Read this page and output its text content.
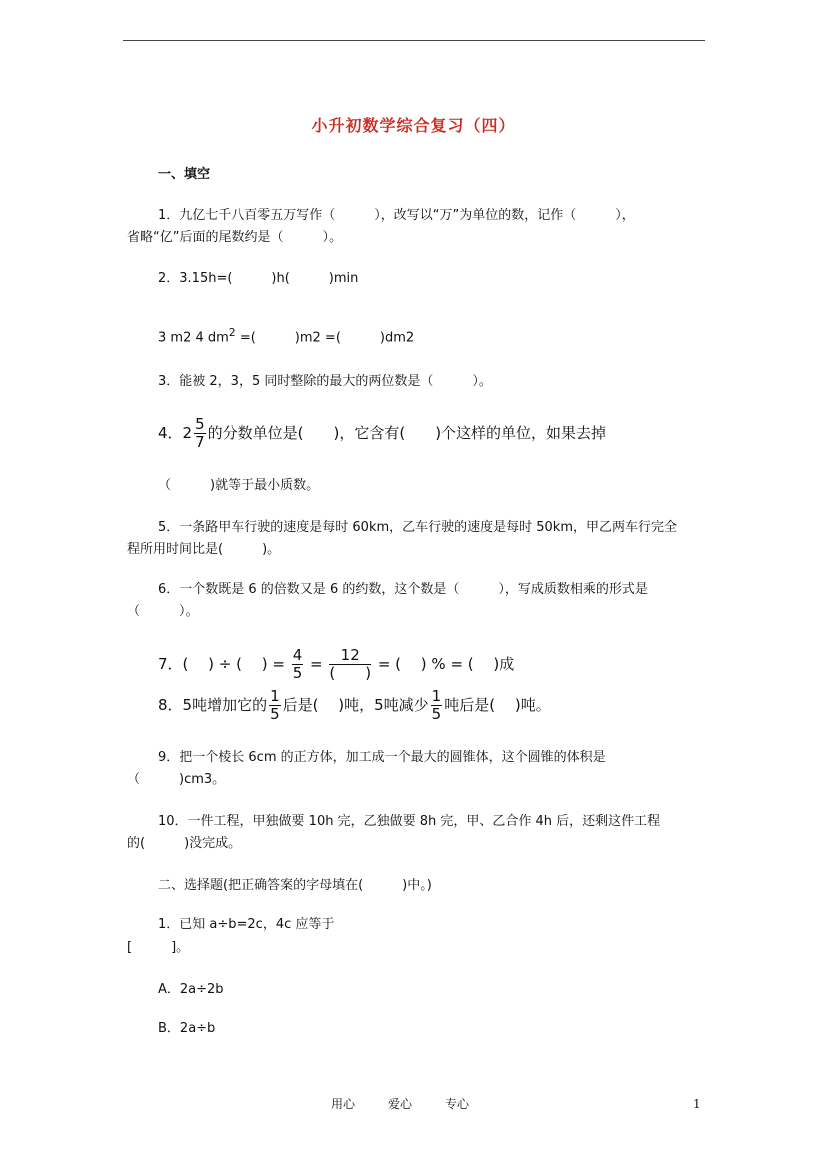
小升初数学综合复习（四）
一、填空
1．九亿七千八百零五万写作（　　　），改写以“万”为单位的数，记作（　　　），
省略“亿”后面的尾数约是（　　　）。
2．3.15h=(　　　)h(　　　)min
3 m2 4 $dm^2$ =(　　　)m2 =(　　　)dm2
3．能被 2，3，5 同时整除的最大的两位数是（　　　）。
4．$2 \frac{5}{7}$ 的分数单位是(　　)，它含有(　　)个这样的单位，如果去掉
（　　　)就等于最小质数。
5．一条路甲车行驶的速度是每时 60km，乙车行驶的速度是每时 50km，甲乙两车行完全
程所用时间比是(　　　)。
6．一个数既是 6 的倍数又是 6 的约数，这个数是（　　　），写成质数相乘的形式是
（　　　）。
7．(　 ) ÷ (　 ) = $\frac{4}{5} = \frac{12}{( )}$ = (　 ) % = (　 )成
8．5吨增加它的 $\frac{1}{5}$ 后是(　 )吨，5吨减少 $\frac{1}{5}$ 吨后是(　 )吨。
9．把一个棱长 6cm 的正方体，加工成一个最大的圆锥体，这个圆锥的体积是
（　　　)cm3。
10．一件工程，甲独做要 10h 完，乙独做要 8h 完，甲、乙合作 4h 后，还剩这件工程
的(　　　)没完成。
二、选择题(把正确答案的字母填在(　　　)中。)
1．已知 a÷b=2c，4c 应等于
[　　　]。
A．2a÷2b
B．2a÷b
用心	爱心	专心	1
